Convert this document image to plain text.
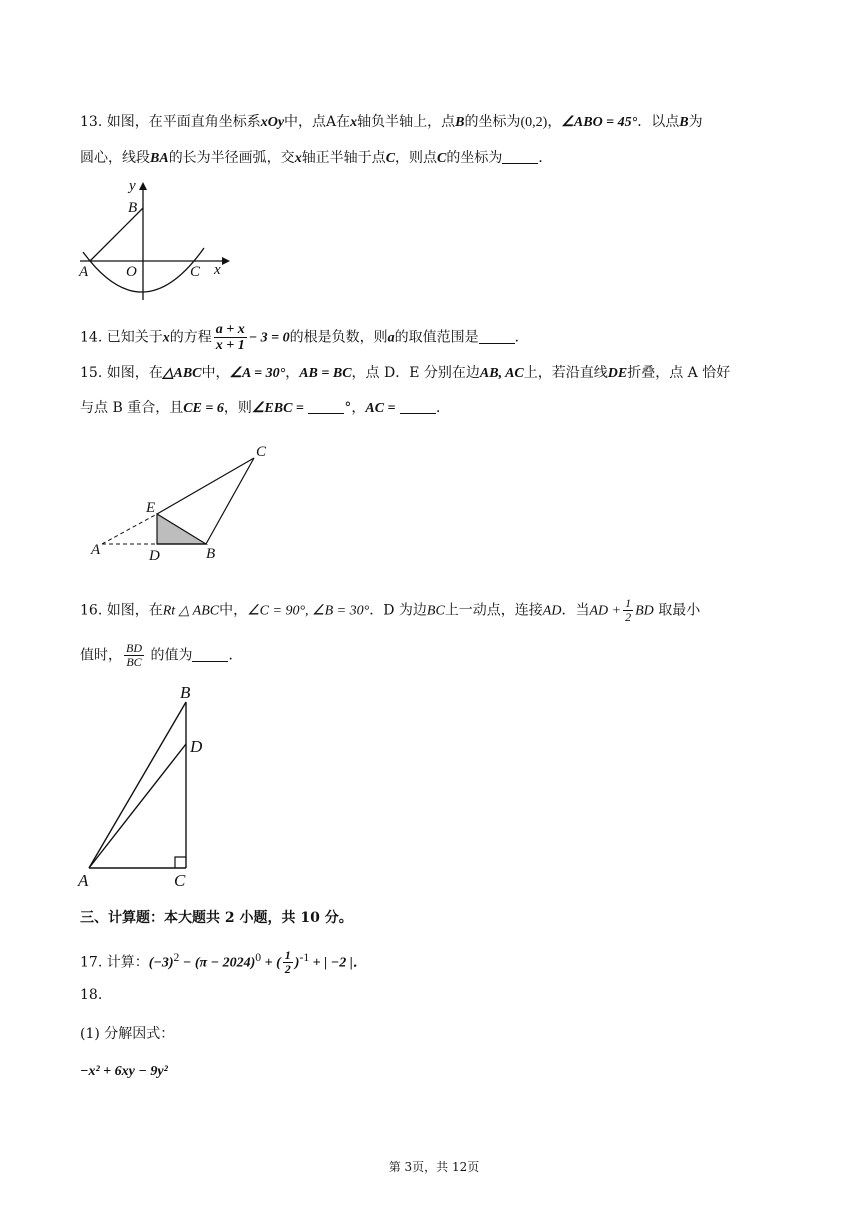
13. 如图，在平面直角坐标系xOy中，点A在x轴负半轴上，点B的坐标为(0,2)，∠ABO = 45°．以点B为
圆心，线段BA的长为半径画弧，交x轴正半轴于点C，则点C的坐标为	．
y
B
A	O	C x
14. 已知关于x的方程 $\frac{a + x}{x + 1} - 3 = 0$的根是负数，则a的取值范围是	．
15. 如图，在△ABC中，∠A = 30°，AB = BC，点 D．E 分别在边AB, AC上，若沿直线DE折叠，点 A 恰好
与点 B 重合，且CE = 6，则∠EBC =	°，AC =	．
C
E
A	D	B
16. 如图，在Rt △ ABC中，∠C = 90°, ∠B = 30°．D 为边BC上一动点，连接AD．当AD + $\frac{1}{2}$ BD 取最小
值时， $\frac{BD}{BC}$ 的值为	．
B
D
A	C
三、计算题：本大题共 2 小题，共 10 分。
17. 计算：$(-3)^2 - (\pi - 2024)^0$ + ( $\frac{1}{2} )^{-1}$ + | −2 |．
18.
(1) 分解因式：
−x² + 6xy − 9y²
第 3页，共 12页
